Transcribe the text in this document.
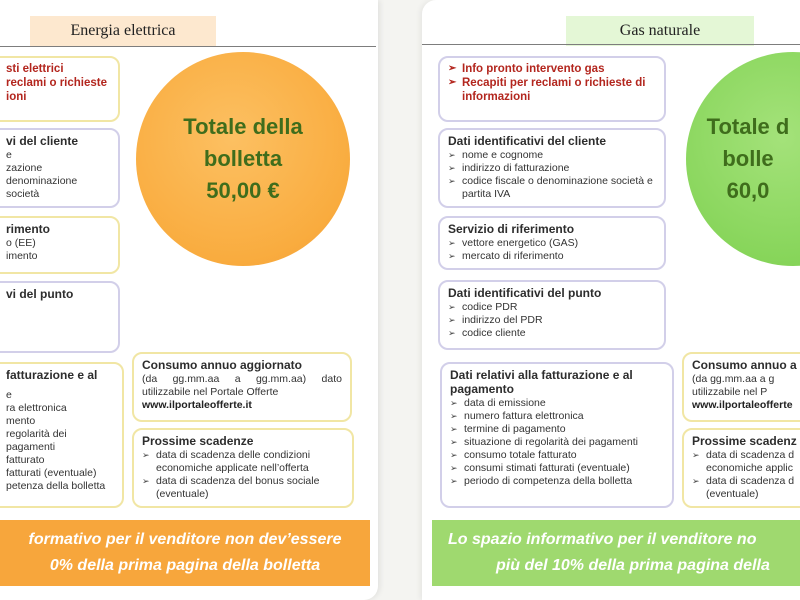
Energia elettrica
sti elettrici
reclami o richieste
ioni
vi del cliente
e
zazione
denominazione società
rimento
o (EE)
imento
vi del punto
fatturazione e al
e
ra elettronica
mento
regolarità dei pagamenti
fatturato
fatturati (eventuale)
petenza della bolletta
Totale della
bolletta
50,00 €
Consumo annuo aggiornato
(da gg.mm.aa a gg.mm.aa) dato utilizzabile nel Portale Offerte
www.ilportaleofferte.it
Prossime scadenze
➢ data di scadenza delle condizioni economiche applicate nell’offerta
➢ data di scadenza del bonus sociale (eventuale)
formativo per il venditore non dev’essere
0% della prima pagina della bolletta
Gas naturale
➢ Info pronto intervento gas
➢ Recapiti per reclami o richieste di informazioni
Dati identificativi del cliente
➢ nome e cognome
➢ indirizzo di fatturazione
➢ codice fiscale o denominazione società e partita IVA
Servizio di riferimento
➢ vettore energetico (GAS)
➢ mercato di riferimento
Dati identificativi del punto
➢ codice PDR
➢ indirizzo del PDR
➢ codice cliente
Dati relativi alla fatturazione e al pagamento
➢ data di emissione
➢ numero fattura elettronica
➢ termine di pagamento
➢ situazione di regolarità dei pagamenti
➢ consumo totale fatturato
➢ consumi stimati fatturati (eventuale)
➢ periodo di competenza della bolletta
Totale d
bolle
60,0
Consumo annuo a
(da gg.mm.aa a g utilizzabile nel P
www.ilportaleofferte
Prossime scadenz
➢ data di scadenza d economiche applic
➢ data di scadenza d (eventuale)
Lo spazio informativo per il venditore no
più del 10% della prima pagina della
